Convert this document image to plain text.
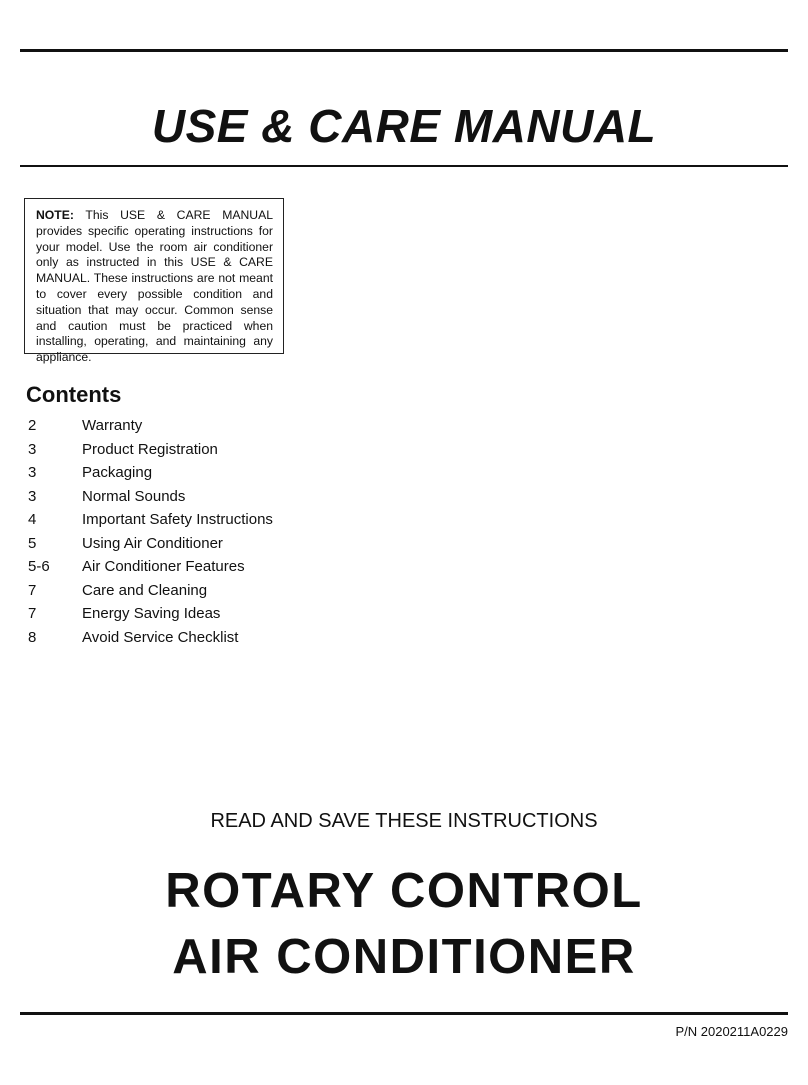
USE & CARE MANUAL
NOTE: This USE & CARE MANUAL provides specific operating instructions for your model. Use the room air conditioner only as instructed in this USE & CARE MANUAL. These instructions are not meant to cover every possible condition and situation that may occur. Common sense and caution must be practiced when installing, operating, and maintaining any appliance.
Contents
2	Warranty
3	Product Registration
3	Packaging
3	Normal Sounds
4	Important Safety Instructions
5	Using Air Conditioner
5-6 Air Conditioner Features
7	Care and Cleaning
7	Energy Saving Ideas
8	Avoid Service Checklist

READ AND SAVE THESE INSTRUCTIONS

ROTARY CONTROL
AIR CONDITIONER

P/N 2020211A0229
